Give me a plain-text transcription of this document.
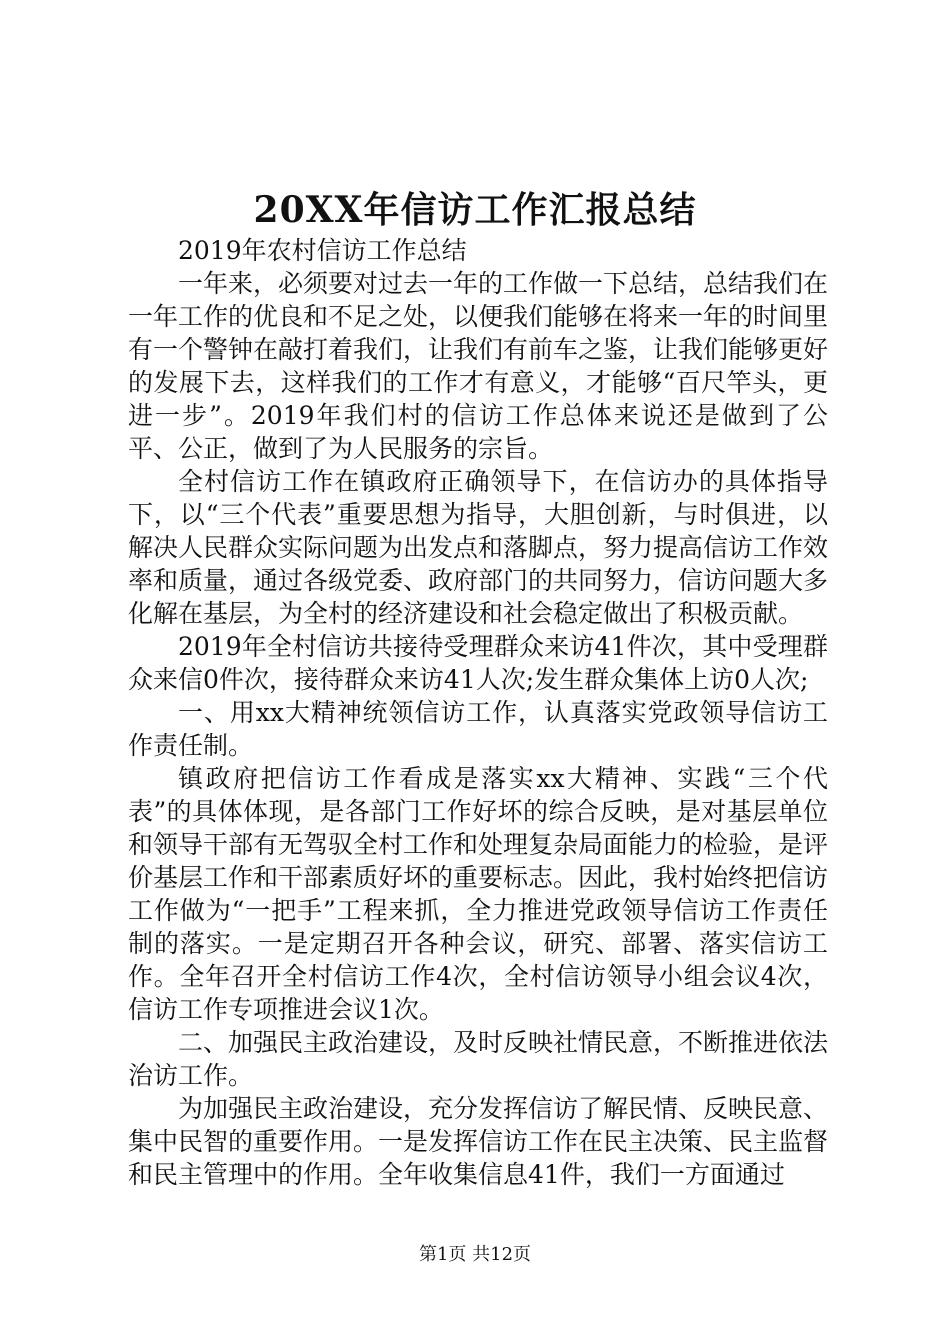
20XX年信访工作汇报总结

2019年农村信访工作总结

一年来，必须要对过去一年的工作做一下总结，总结我们在一年工作的优良和不足之处，以便我们能够在将来一年的时间里有一个警钟在敲打着我们，让我们有前车之鉴，让我们能够更好的发展下去，这样我们的工作才有意义，才能够“百尺竿头，更进一步”。2019年我们村的信访工作总体来说还是做到了公平、公正，做到了为人民服务的宗旨。

全村信访工作在镇政府正确领导下，在信访办的具体指导下，以“三个代表”重要思想为指导，大胆创新，与时俱进，以解决人民群众实际问题为出发点和落脚点，努力提高信访工作效率和质量，通过各级党委、政府部门的共同努力，信访问题大多化解在基层，为全村的经济建设和社会稳定做出了积极贡献。

2019年全村信访共接待受理群众来访41件次，其中受理群众来信0件次，接待群众来访41人次;发生群众集体上访0人次;

一、用xx大精神统领信访工作，认真落实党政领导信访工作责任制。

镇政府把信访工作看成是落实xx大精神、实践“三个代表”的具体体现，是各部门工作好坏的综合反映，是对基层单位和领导干部有无驾驭全村工作和处理复杂局面能力的检验，是评价基层工作和干部素质好坏的重要标志。因此，我村始终把信访工作做为“一把手”工程来抓，全力推进党政领导信访工作责任制的落实。一是定期召开各种会议，研究、部署、落实信访工作。全年召开全村信访工作4次，全村信访领导小组会议4次，信访工作专项推进会议1次。

二、加强民主政治建设，及时反映社情民意，不断推进依法治访工作。

为加强民主政治建设，充分发挥信访了解民情、反映民意、集中民智的重要作用。一是发挥信访工作在民主决策、民主监督和民主管理中的作用。全年收集信息41件，我们一方面通过

第1页 共12页
